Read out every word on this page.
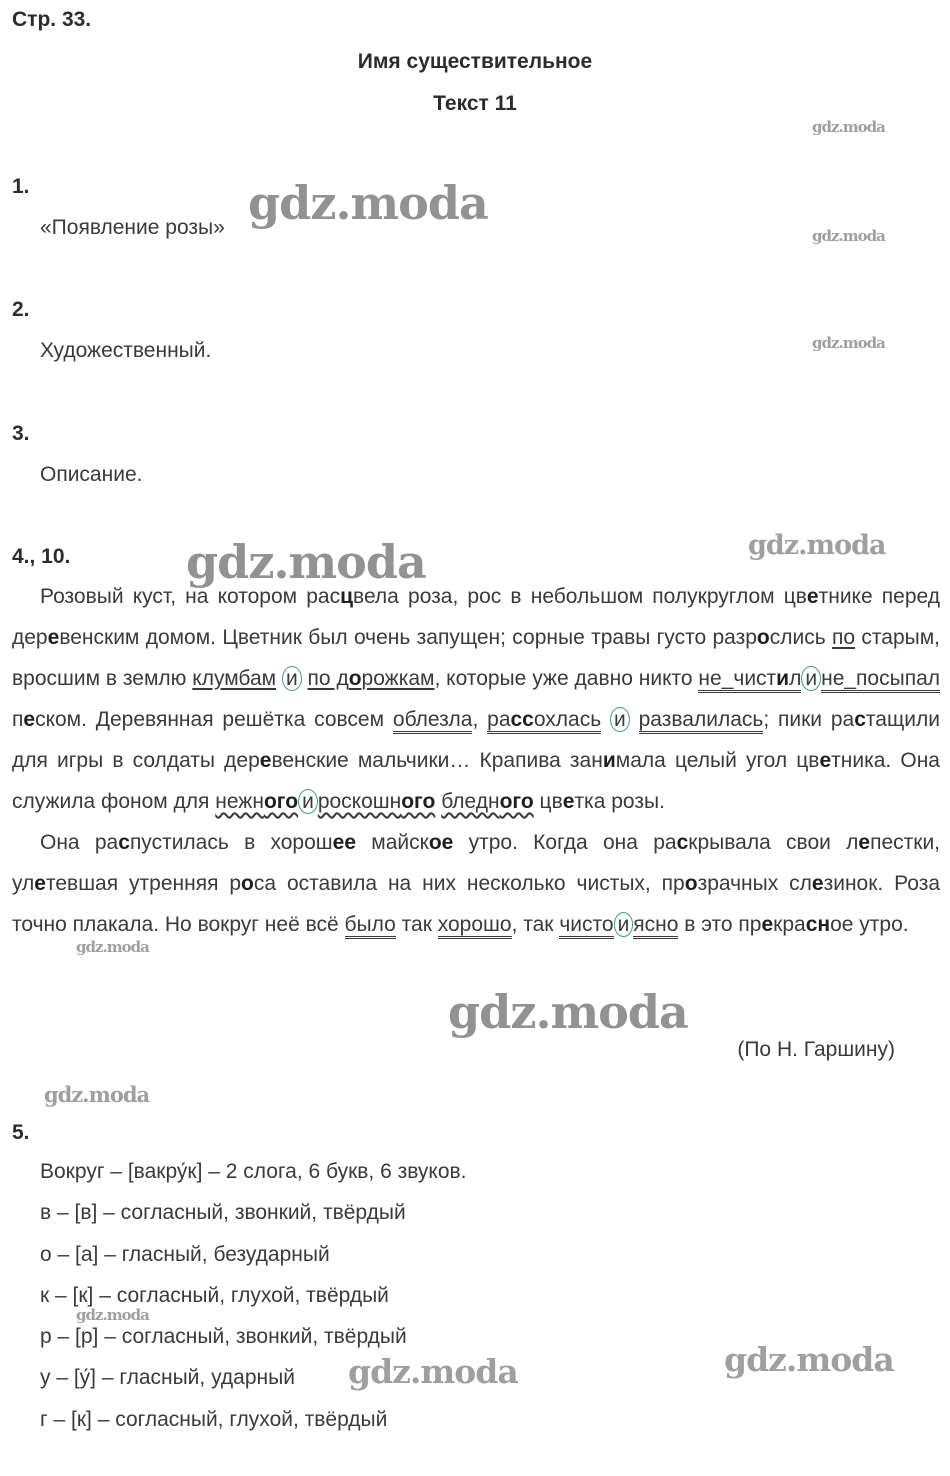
Стр. 33.
Имя существительное
Текст 11
1.
«Появление розы»
2.
Художественный.
3.
Описание.
4., 10.

Розовый куст, на котором расцвела роза, рос в небольшом полукруглом цветнике перед деревенским домом. Цветник был очень запущен; сорные травы густо разрослись по старым, вросшим в землю клумбам и по дорожкам, которые уже давно никто не_чистил и не_посыпал песком. Деревянная решётка совсем облезла, рассохлась и развалилась; пики растащили для игры в солдаты деревенские мальчики… Крапива занимала целый угол цветника. Она служила фоном для нежного и роскошного бледного цветка розы.

Она распустилась в хорошее майское утро. Когда она раскрывала свои лепестки, улетевшая утренняя роса оставила на них несколько чистых, прозрачных слезинок. Роза точно плакала. Но вокруг неё всё было так хорошо, так чисто и ясно в это прекрасное утро.

(По Н. Гаршину)
5.
Вокруг – [вакру́к] – 2 слога, 6 букв, 6 звуков.
в – [в] – согласный, звонкий, твёрдый
о – [а] – гласный, безударный
к – [к] – согласный, глухой, твёрдый
р – [р] – согласный, звонкий, твёрдый
у – [у́] – гласный, ударный
г – [к] – согласный, глухой, твёрдый
gdz.moda
gdz.moda
gdz.moda
gdz.moda
gdz.moda	gdz.moda
gdz.moda
gdz.moda
gdz.moda
gdz.moda
gdz.moda	gdz.moda
